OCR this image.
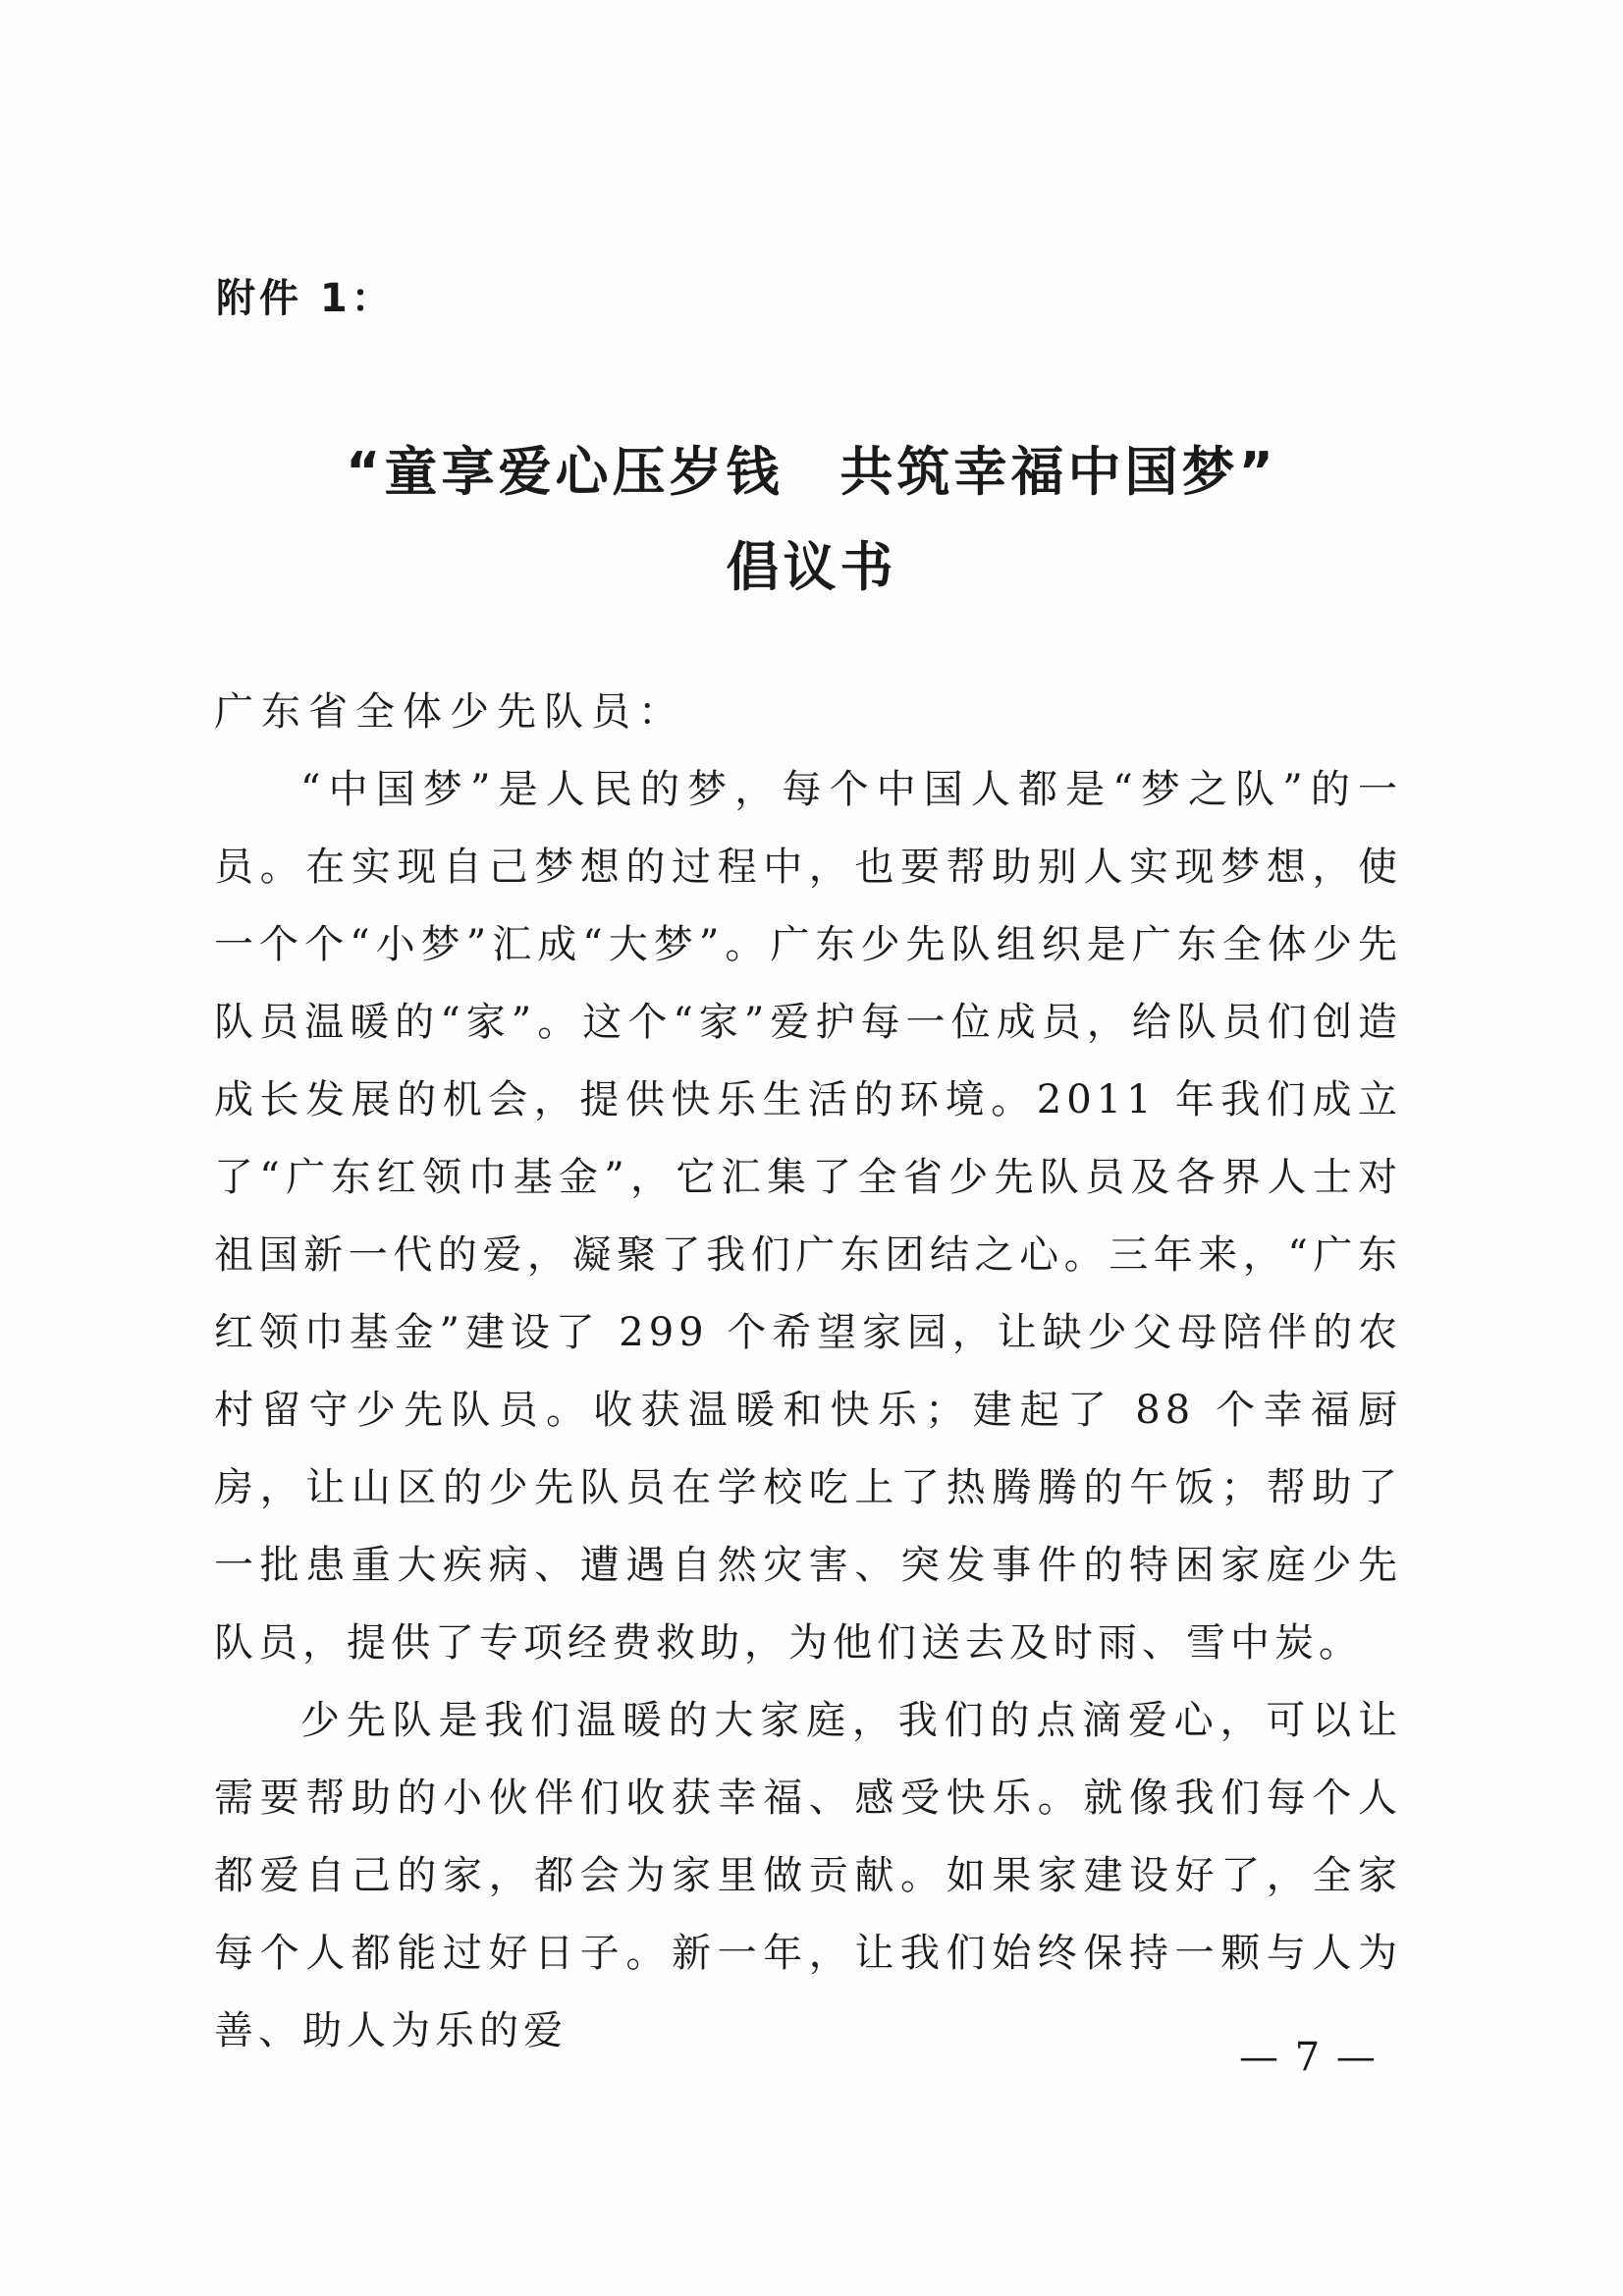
附件 1：
“童享爱心压岁钱　共筑幸福中国梦”
倡议书

广东省全体少先队员：

“中国梦”是人民的梦，每个中国人都是“梦之队”的一员。在实现自己梦想的过程中，也要帮助别人实现梦想，使一个个“小梦”汇成“大梦”。广东少先队组织是广东全体少先队员温暖的“家”。这个“家”爱护每一位成员，给队员们创造成长发展的机会，提供快乐生活的环境。2011 年我们成立了“广东红领巾基金”，它汇集了全省少先队员及各界人士对祖国新一代的爱，凝聚了我们广东团结之心。三年来，“广东红领巾基金”建设了 299 个希望家园，让缺少父母陪伴的农村留守少先队员。收获温暖和快乐；建起了 88 个幸福厨房，让山区的少先队员在学校吃上了热腾腾的午饭；帮助了一批患重大疾病、遭遇自然灾害、突发事件的特困家庭少先队员，提供了专项经费救助，为他们送去及时雨、雪中炭。

少先队是我们温暖的大家庭，我们的点滴爱心，可以让需要帮助的小伙伴们收获幸福、感受快乐。就像我们每个人都爱自己的家，都会为家里做贡献。如果家建设好了，全家每个人都能过好日子。新一年，让我们始终保持一颗与人为善、助人为乐的爱

— 7 —
